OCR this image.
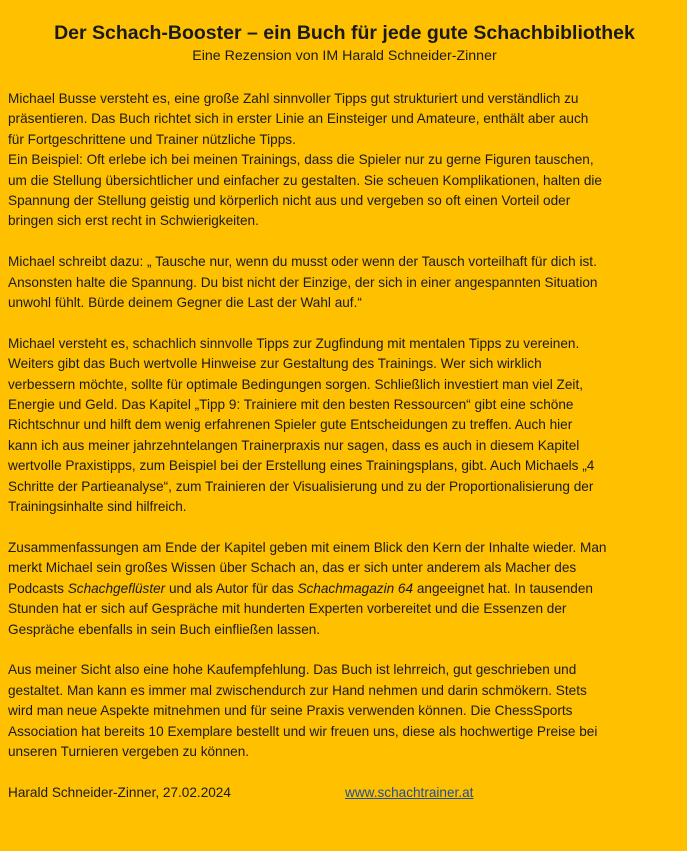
Der Schach-Booster – ein Buch für jede gute Schachbibliothek
Eine Rezension von IM Harald Schneider-Zinner
Michael Busse versteht es, eine große Zahl sinnvoller Tipps gut strukturiert und verständlich zu
präsentieren. Das Buch richtet sich in erster Linie an Einsteiger und Amateure, enthält aber auch
für Fortgeschrittene und Trainer nützliche Tipps.
Ein Beispiel: Oft erlebe ich bei meinen Trainings, dass die Spieler nur zu gerne Figuren tauschen,
um die Stellung übersichtlicher und einfacher zu gestalten. Sie scheuen Komplikationen, halten die
Spannung der Stellung geistig und körperlich nicht aus und vergeben so oft einen Vorteil oder
bringen sich erst recht in Schwierigkeiten.
Michael schreibt dazu: „ Tausche nur, wenn du musst oder wenn der Tausch vorteilhaft für dich ist.
Ansonsten halte die Spannung. Du bist nicht der Einzige, der sich in einer angespannten Situation
unwohl fühlt. Bürde deinem Gegner die Last der Wahl auf.“
Michael versteht es, schachlich sinnvolle Tipps zur Zugfindung mit mentalen Tipps zu vereinen.
Weiters gibt das Buch wertvolle Hinweise zur Gestaltung des Trainings. Wer sich wirklich
verbessern möchte, sollte für optimale Bedingungen sorgen. Schließlich investiert man viel Zeit,
Energie und Geld. Das Kapitel „Tipp 9: Trainiere mit den besten Ressourcen“ gibt eine schöne
Richtschnur und hilft dem wenig erfahrenen Spieler gute Entscheidungen zu treffen. Auch hier
kann ich aus meiner jahrzehntelangen Trainerpraxis nur sagen, dass es auch in diesem Kapitel
wertvolle Praxistipps, zum Beispiel bei der Erstellung eines Trainingsplans, gibt. Auch Michaels „4
Schritte der Partieanalyse“, zum Trainieren der Visualisierung und zu der Proportionalisierung der
Trainingsinhalte sind hilfreich.
Zusammenfassungen am Ende der Kapitel geben mit einem Blick den Kern der Inhalte wieder. Man
merkt Michael sein großes Wissen über Schach an, das er sich unter anderem als Macher des
Podcasts Schachgeflüster und als Autor für das Schachmagazin 64 angeeignet hat. In tausenden
Stunden hat er sich auf Gespräche mit hunderten Experten vorbereitet und die Essenzen der
Gespräche ebenfalls in sein Buch einfließen lassen.
Aus meiner Sicht also eine hohe Kaufempfehlung. Das Buch ist lehrreich, gut geschrieben und
gestaltet. Man kann es immer mal zwischendurch zur Hand nehmen und darin schmökern. Stets
wird man neue Aspekte mitnehmen und für seine Praxis verwenden können. Die ChessSports
Association hat bereits 10 Exemplare bestellt und wir freuen uns, diese als hochwertige Preise bei
unseren Turnieren vergeben zu können.
Harald Schneider-Zinner, 27.02.2024	www.schachtrainer.at
